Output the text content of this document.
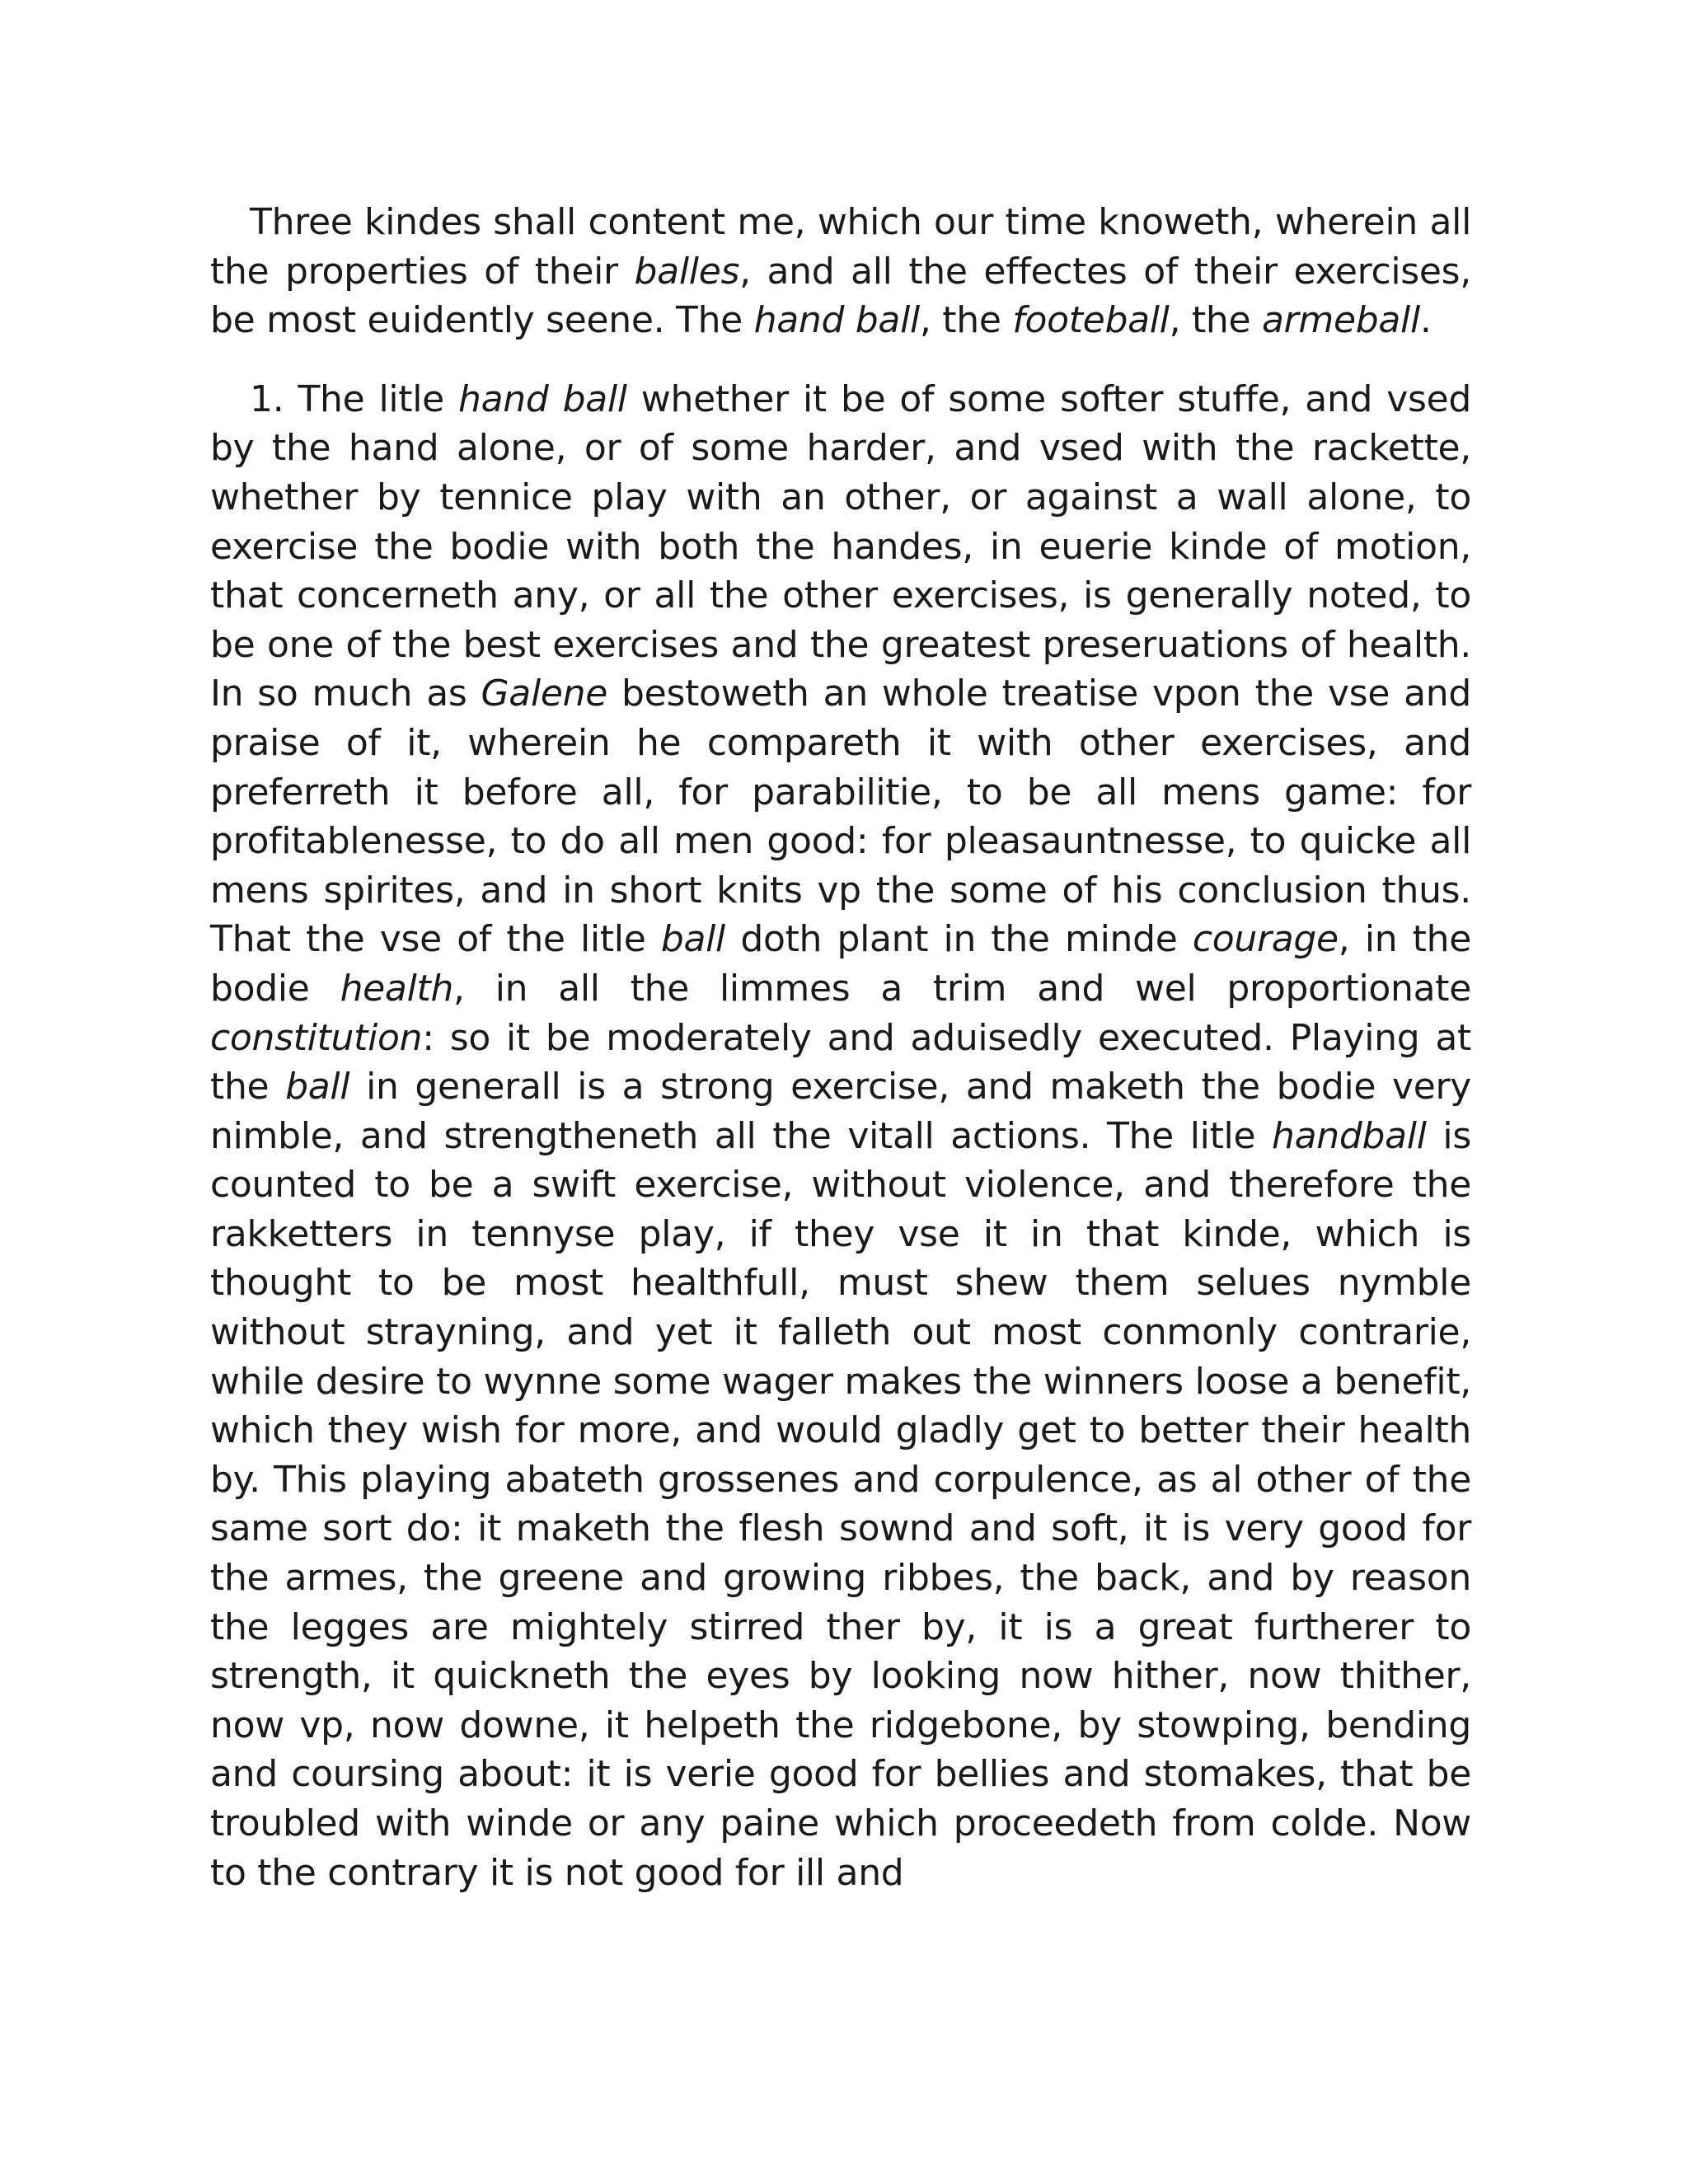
Three kindes shall content me, which our time knoweth, wherein all the properties of their balles, and all the effectes of their exercises, be most euidently seene. The hand ball, the footeball, the armeball.

1. The litle hand ball whether it be of some softer stuffe, and vsed by the hand alone, or of some harder, and vsed with the rackette, whether by tennice play with an other, or against a wall alone, to exercise the bodie with both the handes, in euerie kinde of motion, that concerneth any, or all the other exercises, is generally noted, to be one of the best exercises and the greatest preseruations of health. In so much as Galene bestoweth an whole treatise vpon the vse and praise of it, wherein he compareth it with other exercises, and preferreth it before all, for parabilitie, to be all mens game: for profitablenesse, to do all men good: for pleasauntnesse, to quicke all mens spirites, and in short knits vp the some of his conclusion thus. That the vse of the litle ball doth plant in the minde courage, in the bodie health, in all the limmes a trim and wel proportionate constitution: so it be moderately and aduisedly executed. Playing at the ball in generall is a strong exercise, and maketh the bodie very nimble, and strengtheneth all the vitall actions. The litle handball is counted to be a swift exercise, without violence, and therefore the rakketters in tennyse play, if they vse it in that kinde, which is thought to be most healthfull, must shew them selues nymble without strayning, and yet it falleth out most conmonly contrarie, while desire to wynne some wager makes the winners loose a benefit, which they wish for more, and would gladly get to better their health by. This playing abateth grossenes and corpulence, as al other of the same sort do: it maketh the flesh sownd and soft, it is very good for the armes, the greene and growing ribbes, the back, and by reason the legges are mightely stirred ther by, it is a great furtherer to strength, it quickneth the eyes by looking now hither, now thither, now vp, now downe, it helpeth the ridgebone, by stowping, bending and coursing about: it is verie good for bellies and stomakes, that be troubled with winde or any paine which proceedeth from colde. Now to the contrary it is not good for ill and
